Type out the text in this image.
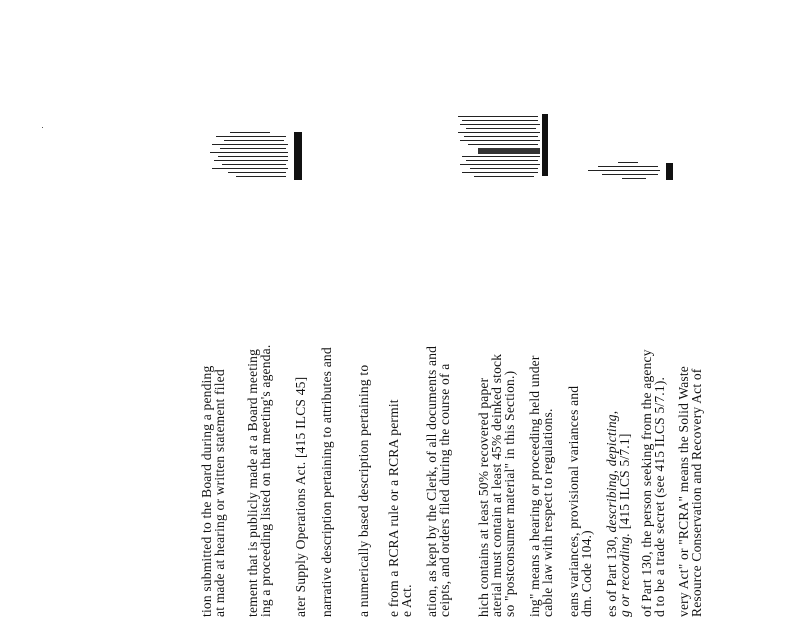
tion submitted to the Board during a pending
at made at hearing or written statement filed tement that is publicly made at a Board meeting
ing a proceeding listed on that meeting's agenda. ater Supply Operations Act. [415 ILCS 45] narrative description pertaining to attributes and a numerically based description pertaining to e from a RCRA rule or a RCRA permit
e Act. ation, as kept by the Clerk, of all documents and
ceipts, and orders filed during the course of a hich contains at least 50% recovered paper
aterial must contain at least 45% deinked stock
so "postconsumer material" in this Section.) ing" means a hearing or proceeding held under
cable law with respect to regulations. eans variances, provisional variances and
dm. Code 104.) es of Part 130, describing, depicting,
g or recording. [415 ILCS 5/7.1] of Part 130, the person seeking from the agency
d to be a trade secret (see 415 ILCS 5/7.1). very Act" or "RCRA" means the Solid Waste
Resource Conservation and Recovery Act of
